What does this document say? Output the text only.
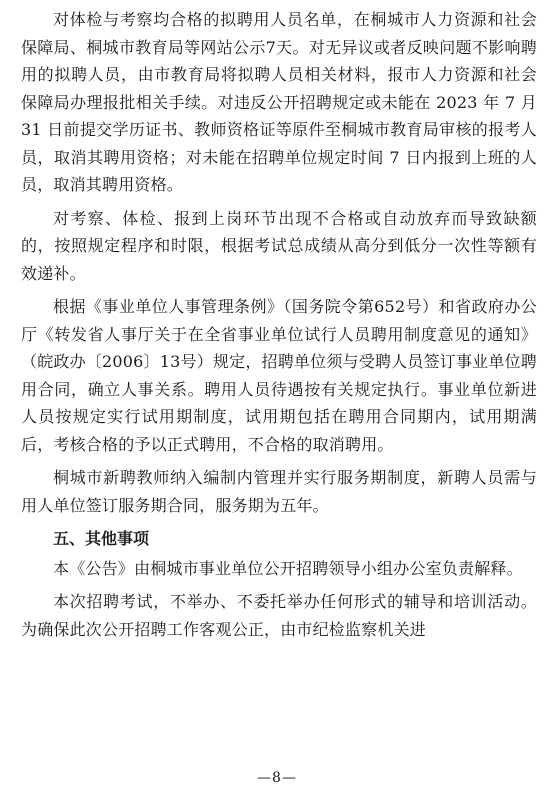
对体检与考察均合格的拟聘用人员名单，在桐城市人力资源和社会保障局、桐城市教育局等网站公示7天。对无异议或者反映问题不影响聘用的拟聘人员，由市教育局将拟聘人员相关材料，报市人力资源和社会保障局办理报批相关手续。对违反公开招聘规定或未能在 2023 年 7 月 31 日前提交学历证书、教师资格证等原件至桐城市教育局审核的报考人员，取消其聘用资格；对未能在招聘单位规定时间 7 日内报到上班的人员，取消其聘用资格。

对考察、体检、报到上岗环节出现不合格或自动放弃而导致缺额的，按照规定程序和时限，根据考试总成绩从高分到低分一次性等额有效递补。

根据《事业单位人事管理条例》（国务院令第652号）和省政府办公厅《转发省人事厅关于在全省事业单位试行人员聘用制度意见的通知》（皖政办〔2006〕13号）规定，招聘单位须与受聘人员签订事业单位聘用合同，确立人事关系。聘用人员待遇按有关规定执行。事业单位新进人员按规定实行试用期制度，试用期包括在聘用合同期内，试用期满后，考核合格的予以正式聘用，不合格的取消聘用。

桐城市新聘教师纳入编制内管理并实行服务期制度，新聘人员需与用人单位签订服务期合同，服务期为五年。

五、其他事项

本《公告》由桐城市事业单位公开招聘领导小组办公室负责解释。

本次招聘考试，不举办、不委托举办任何形式的辅导和培训活动。为确保此次公开招聘工作客观公正，由市纪检监察机关进

—8—
